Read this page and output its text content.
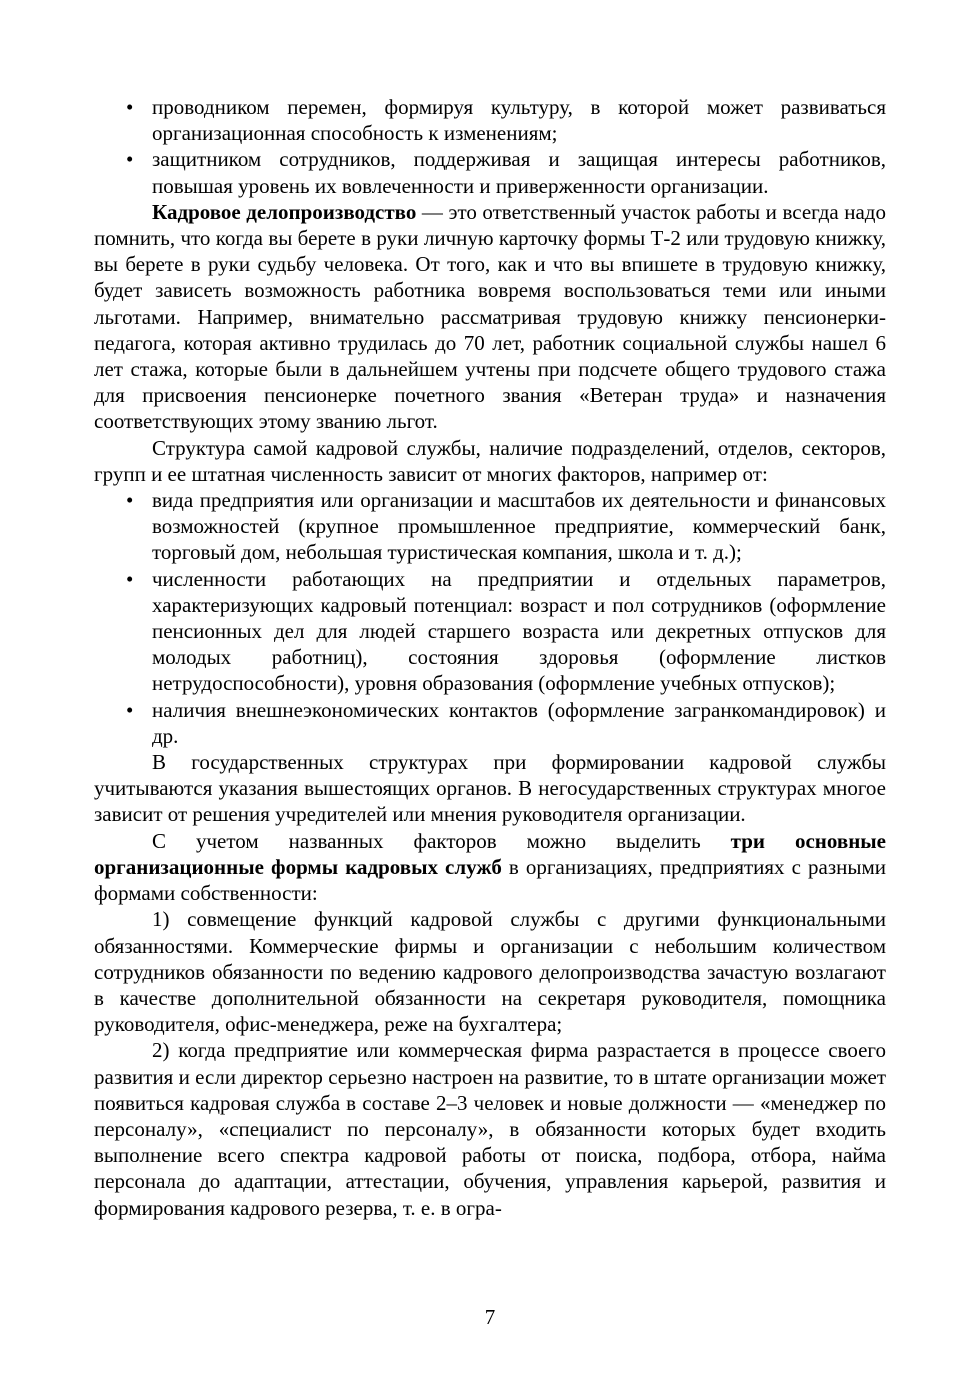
• проводником перемен, формируя культуру, в которой может развиваться организационная способность к изменениям;
• защитником сотрудников, поддерживая и защищая интересы работников, повышая уровень их вовлеченности и приверженности организации.

Кадровое делопроизводство — это ответственный участок работы и всегда надо помнить, что когда вы берете в руки личную карточку формы Т-2 или трудовую книжку, вы берете в руки судьбу человека. От того, как и что вы впишете в трудовую книжку, будет зависеть возможность работника вовремя воспользоваться теми или иными льготами. Например, внимательно рассматривая трудовую книжку пенсионерки-педагога, которая активно трудилась до 70 лет, работник социальной службы нашел 6 лет стажа, которые были в дальнейшем учтены при подсчете общего трудового стажа для присвоения пенсионерке почетного звания «Ветеран труда» и назначения соответствующих этому званию льгот.

Структура самой кадровой службы, наличие подразделений, отделов, секторов, групп и ее штатная численность зависит от многих факторов, например от:

• вида предприятия или организации и масштабов их деятельности и финансовых возможностей (крупное промышленное предприятие, коммерческий банк, торговый дом, небольшая туристическая компания, школа и т. д.);
• численности работающих на предприятии и отдельных параметров, характеризующих кадровый потенциал: возраст и пол сотрудников (оформление пенсионных дел для людей старшего возраста или декретных отпусков для молодых работниц), состояния здоровья (оформление листков нетрудоспособности), уровня образования (оформление учебных отпусков);
• наличия внешнеэкономических контактов (оформление загранкомандировок) и др.

В государственных структурах при формировании кадровой службы учитываются указания вышестоящих органов. В негосударственных структурах многое зависит от решения учредителей или мнения руководителя организации.

С учетом названных факторов можно выделить три основные организационные формы кадровых служб в организациях, предприятиях с разными формами собственности:

1) совмещение функций кадровой службы с другими функциональными обязанностями. Коммерческие фирмы и организации с небольшим количеством сотрудников обязанности по ведению кадрового делопроизводства зачастую возлагают в качестве дополнительной обязанности на секретаря руководителя, помощника руководителя, офис-менеджера, реже на бухгалтера;

2) когда предприятие или коммерческая фирма разрастается в процессе своего развития и если директор серьезно настроен на развитие, то в штате организации может появиться кадровая служба в составе 2–3 человек и новые должности — «менеджер по персоналу», «специалист по персоналу», в обязанности которых будет входить выполнение всего спектра кадровой работы от поиска, подбора, отбора, найма персонала до адаптации, аттестации, обучения, управления карьерой, развития и формирования кадрового резерва, т. е. в огра-

7
